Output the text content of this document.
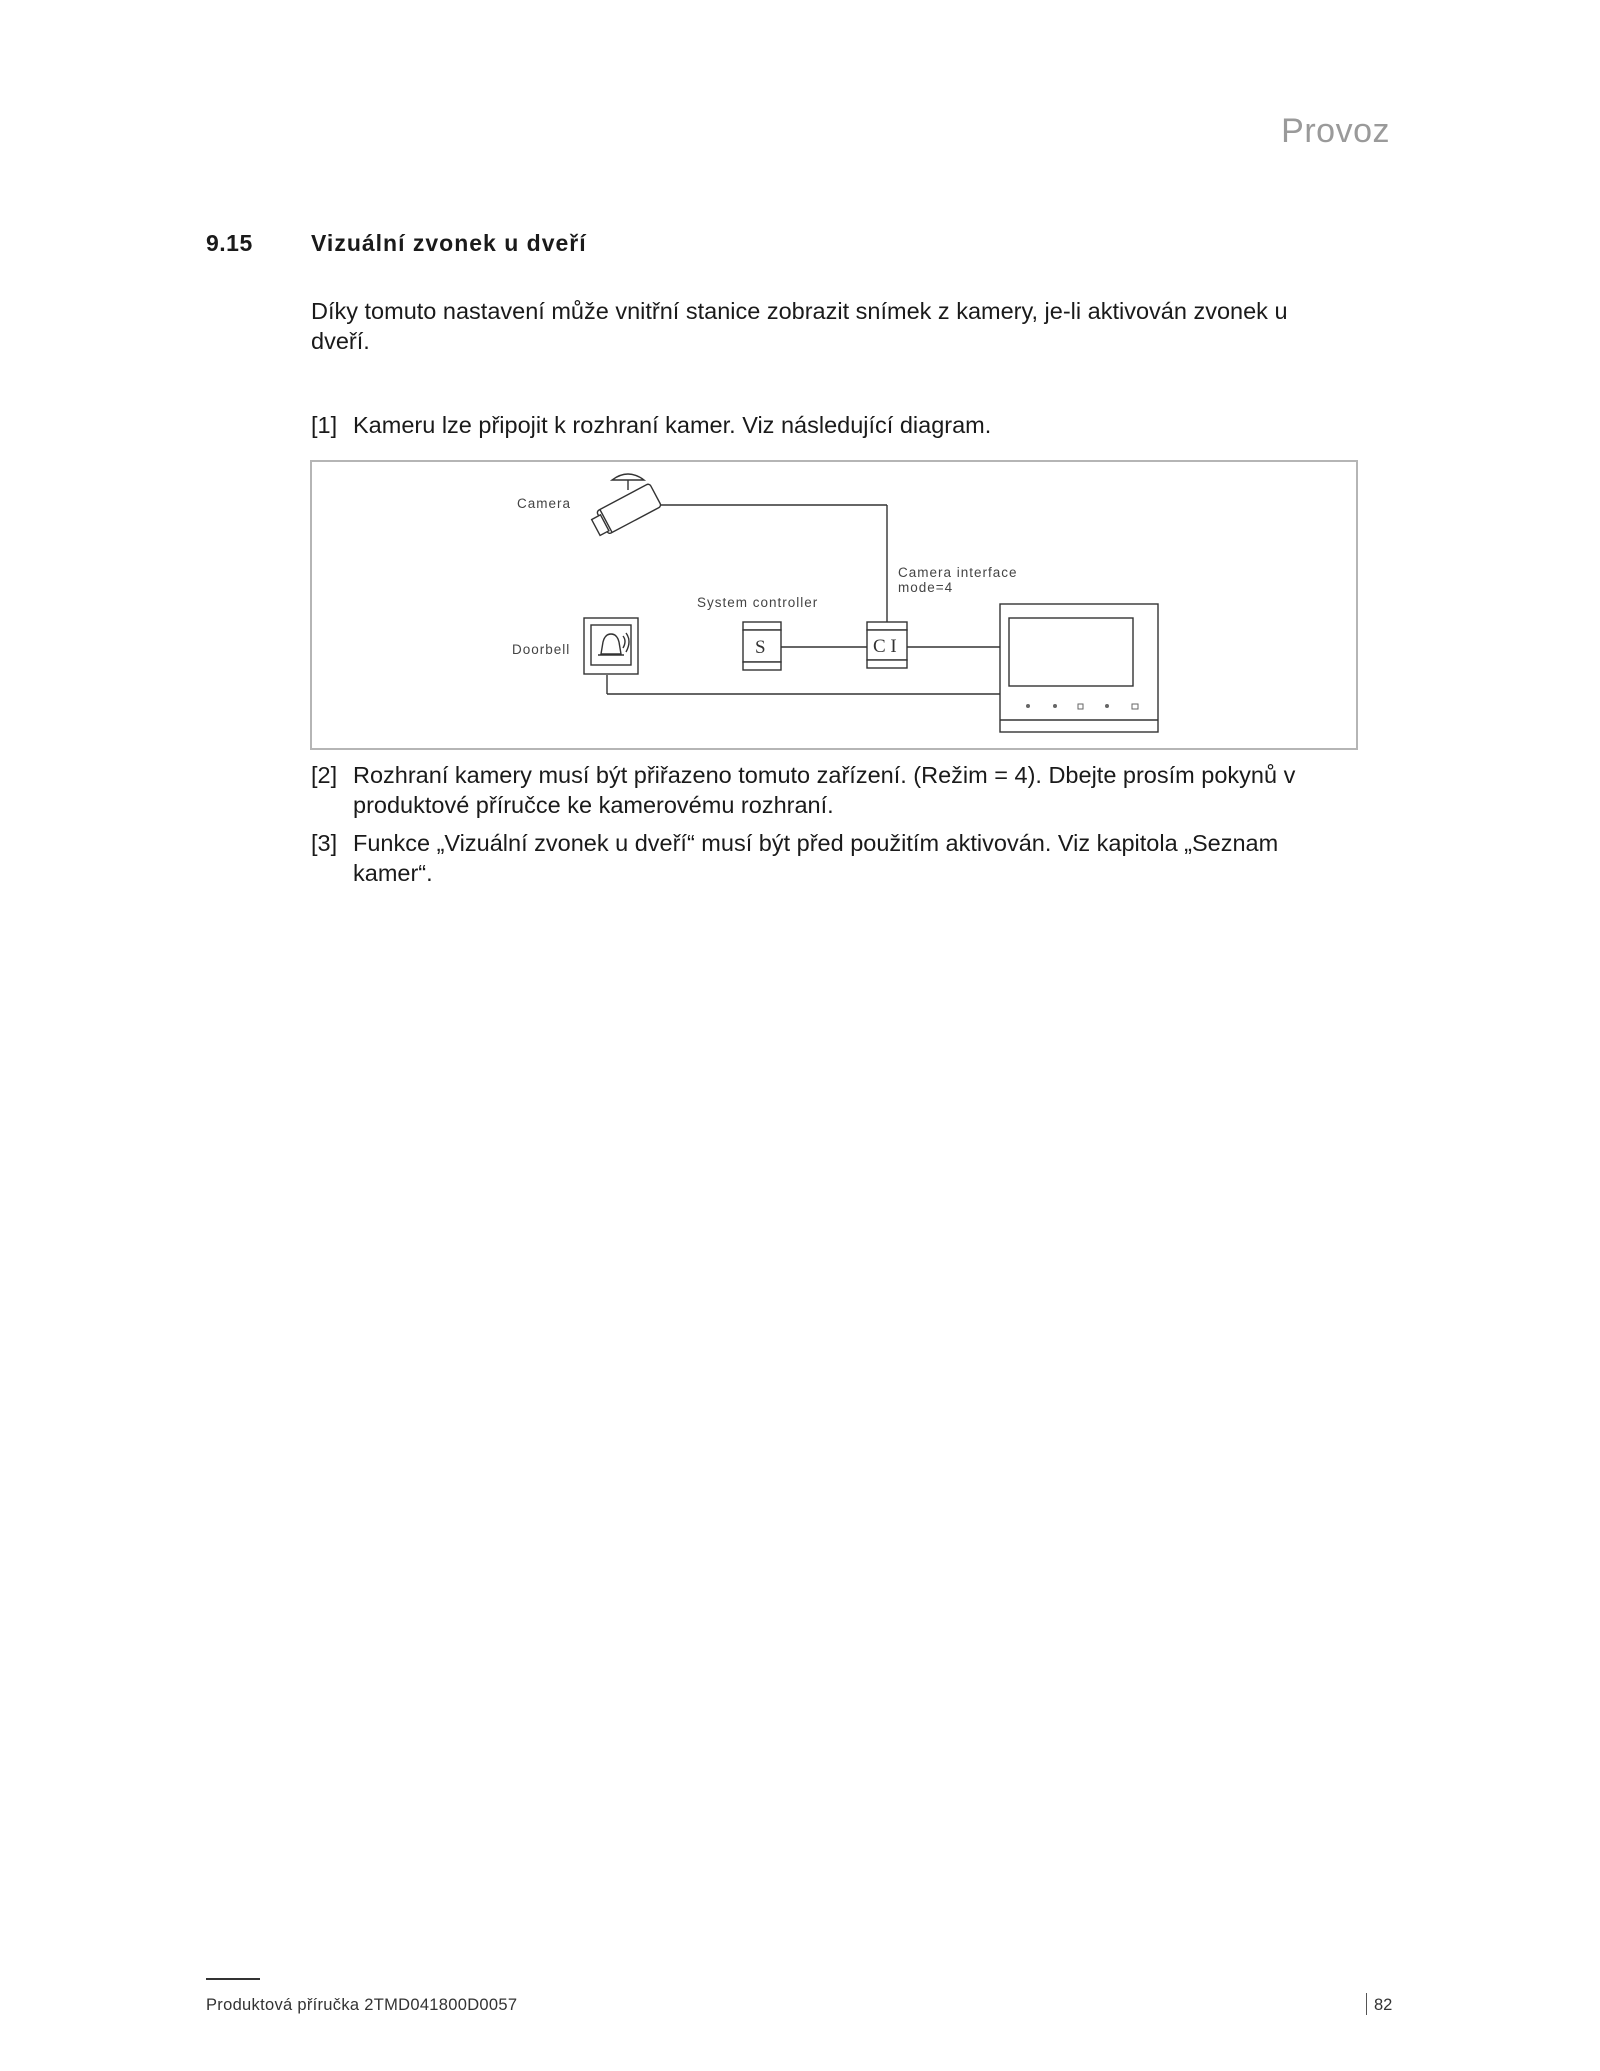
Provoz
9.15	Vizuální zvonek u dveří
Díky tomuto nastavení může vnitřní stanice zobrazit snímek z kamery, je-li aktivován zvonek u dveří.
[1] Kameru lze připojit k rozhraní kamer. Viz následující diagram.
Camera
System controller
Camera interface
mode=4
Doorbell	S	C I
[2] Rozhraní kamery musí být přiřazeno tomuto zařízení. (Režim = 4). Dbejte prosím pokynů v produktové příručce ke kamerovému rozhraní.
[3] Funkce „Vizuální zvonek u dveří“ musí být před použitím aktivován. Viz kapitola „Seznam kamer“.
Produktová příručka 2TMD041800D0057	82
